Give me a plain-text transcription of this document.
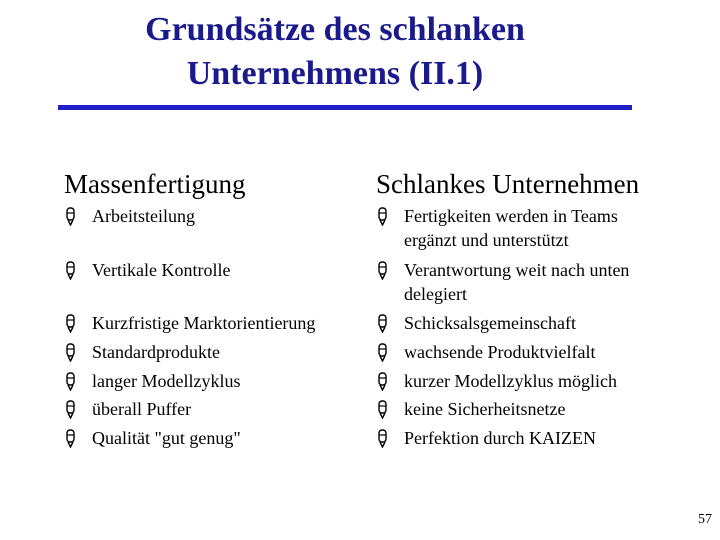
Grundsätze des schlanken
Unternehmens (II.1)
Massenfertigung	Schlankes Unternehmen
Arbeitsteilung
Vertikale Kontrolle
Kurzfristige Marktorientierung
Standardprodukte
langer Modellzyklus
überall Puffer
Qualität "gut genug"
Fertigkeiten werden in Teams
ergänzt und unterstützt
Verantwortung weit nach unten
delegiert
Schicksalsgemeinschaft
wachsende Produktvielfalt
kurzer Modellzyklus möglich
keine Sicherheitsnetze
Perfektion durch KAIZEN
57
